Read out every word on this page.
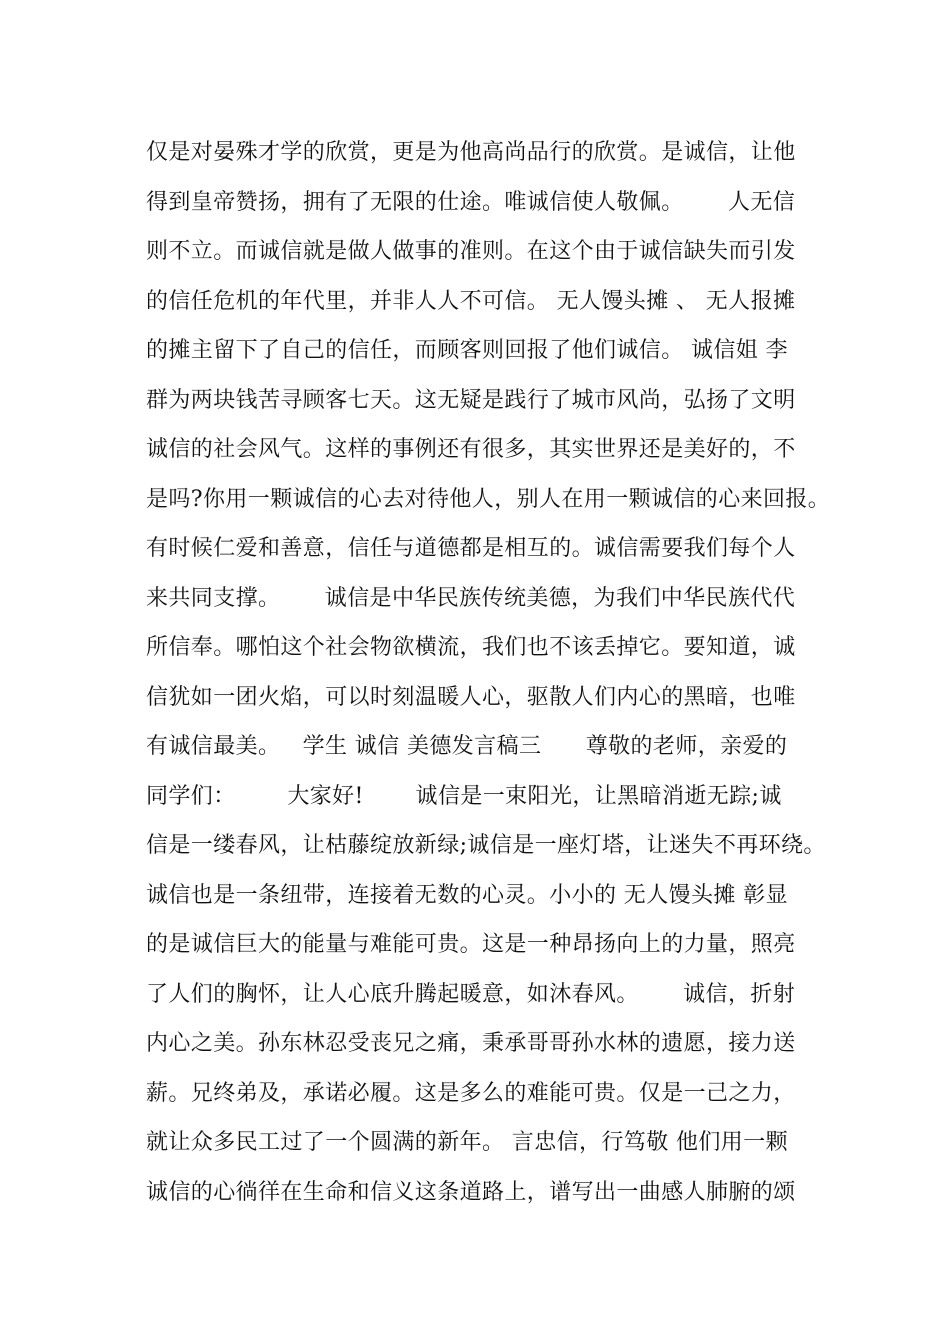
仅是对晏殊才学的欣赏，更是为他高尚品行的欣赏。是诚信，让他
得到皇帝赞扬，拥有了无限的仕途。唯诚信使人敬佩。      人无信
则不立。而诚信就是做人做事的准则。在这个由于诚信缺失而引发
的信任危机的年代里，并非人人不可信。 无人馒头摊 、 无人报摊
的摊主留下了自己的信任，而顾客则回报了他们诚信。 诚信姐 李
群为两块钱苦寻顾客七天。这无疑是践行了城市风尚，弘扬了文明
诚信的社会风气。这样的事例还有很多，其实世界还是美好的，不
是吗?你用一颗诚信的心去对待他人，别人在用一颗诚信的心来回报。
有时候仁爱和善意，信任与道德都是相互的。诚信需要我们每个人
来共同支撑。      诚信是中华民族传统美德，为我们中华民族代代
所信奉。哪怕这个社会物欲横流，我们也不该丢掉它。要知道，诚
信犹如一团火焰，可以时刻温暖人心，驱散人们内心的黑暗，也唯
有诚信最美。   学生 诚信 美德发言稿三      尊敬的老师，亲爱的
同学们：       大家好!       诚信是一束阳光，让黑暗消逝无踪;诚
信是一缕春风，让枯藤绽放新绿;诚信是一座灯塔，让迷失不再环绕。
诚信也是一条纽带，连接着无数的心灵。小小的 无人馒头摊 彰显
的是诚信巨大的能量与难能可贵。这是一种昂扬向上的力量，照亮
了人们的胸怀，让人心底升腾起暖意，如沐春风。      诚信，折射
内心之美。孙东林忍受丧兄之痛，秉承哥哥孙水林的遗愿，接力送
薪。兄终弟及，承诺必履。这是多么的难能可贵。仅是一己之力，
就让众多民工过了一个圆满的新年。 言忠信，行笃敬 他们用一颗
诚信的心徜徉在生命和信义这条道路上，谱写出一曲感人肺腑的颂
